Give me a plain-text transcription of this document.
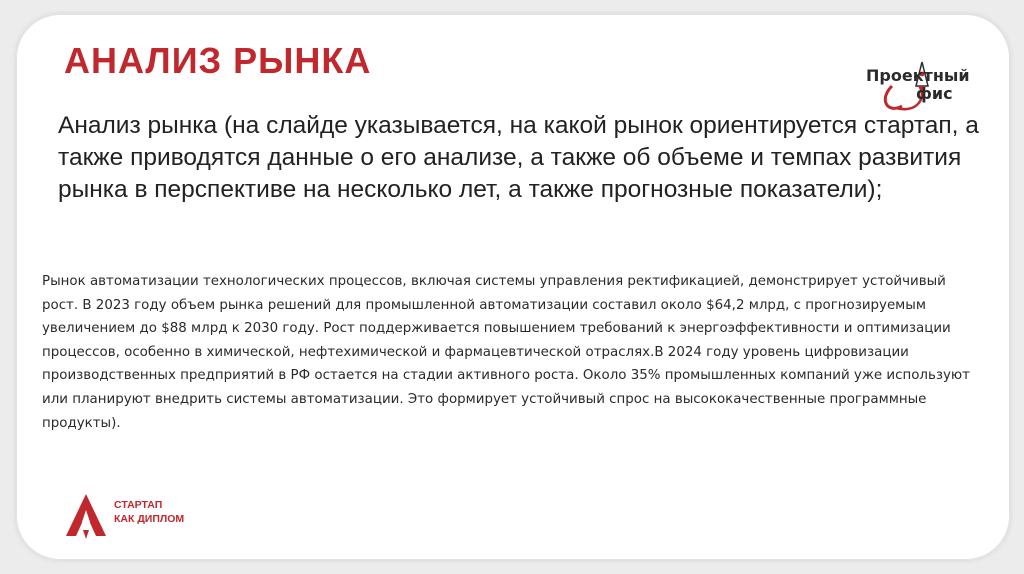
АНАЛИЗ РЫНКА	Проектный
фис
Анализ рынка (на слайде указывается, на какой рынок ориентируется стартап, а также приводятся данные о его анализе, а также об объеме и темпах развития рынка в перспективе на несколько лет, а также прогнозные показатели);
Рынок автоматизации технологических процессов, включая системы управления ректификацией, демонстрирует устойчивый рост. В 2023 году объем рынка решений для промышленной автоматизации составил около $64,2 млрд, с прогнозируемым увеличением до $88 млрд к 2030 году. Рост поддерживается повышением требований к энергоэффективности и оптимизации процессов, особенно в химической, нефтехимической и фармацевтической отраслях.В 2024 году уровень цифровизации производственных предприятий в РФ остается на стадии активного роста. Около 35% промышленных компаний уже используют или планируют внедрить системы автоматизации. Это формирует устойчивый спрос на высококачественные программные продукты).
СТАРТАП
КАК ДИПЛОМ
